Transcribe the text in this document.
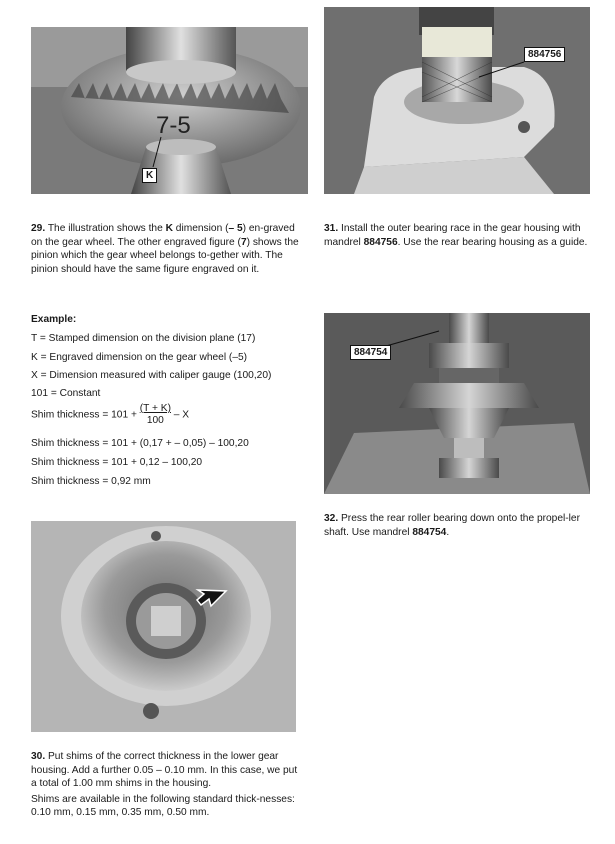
7-5
K
884756
884754

29. The illustration shows the K dimension (– 5) en-graved on the gear wheel. The other engraved figure (7) shows the pinion which the gear wheel belongs to-gether with. The pinion should have the same figure engraved on it.

Example:
T = Stamped dimension on the division plane (17)
K = Engraved dimension on the gear wheel (–5)
X = Dimension measured with caliper gauge (100,20)
101 = Constant
Shim thickness = $101 + \frac{(T + K)}{100} - X$
Shim thickness = 101 + (0,17 + – 0,05) – 100,20
Shim thickness = 101 + 0,12 – 100,20
Shim thickness = 0,92 mm

30. Put shims of the correct thickness in the lower gear housing. Add a further 0.05 – 0.10 mm. In this case, we put a total of 1.00 mm shims in the housing.

Shims are available in the following standard thick-nesses: 0.10 mm, 0.15 mm, 0.35 mm, 0.50 mm.

31. Install the outer bearing race in the gear housing with mandrel 884756. Use the rear bearing housing as a guide.

32. Press the rear roller bearing down onto the propel-ler shaft. Use mandrel 884754.
